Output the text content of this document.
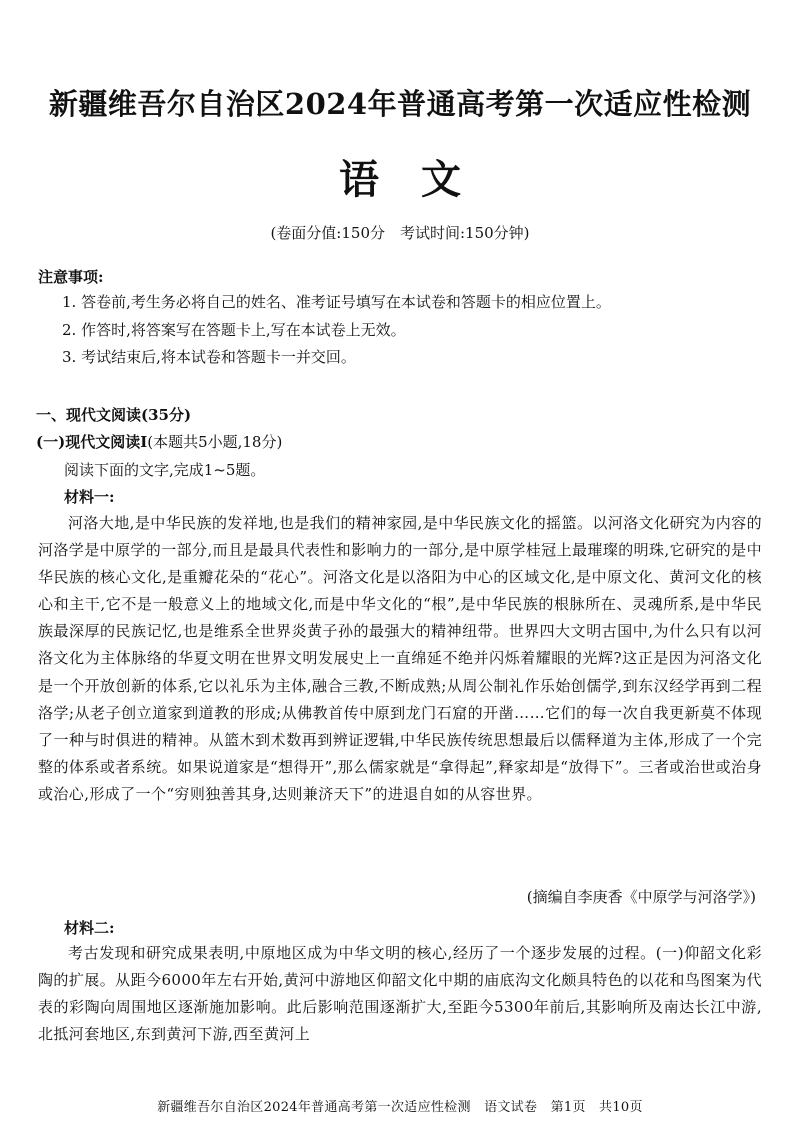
新疆维吾尔自治区2024年普通高考第一次适应性检测
语文
(卷面分值:150分　考试时间:150分钟)
注意事项:
1. 答卷前,考生务必将自己的姓名、准考证号填写在本试卷和答题卡的相应位置上。
2. 作答时,将答案写在答题卡上,写在本试卷上无效。
3. 考试结束后,将本试卷和答题卡一并交回。
一、现代文阅读(35分)
(一)现代文阅读Ⅰ(本题共5小题,18分)
阅读下面的文字,完成1~5题。
材料一:
河洛大地,是中华民族的发祥地,也是我们的精神家园,是中华民族文化的摇篮。以河洛文化研究为内容的河洛学是中原学的一部分,而且是最具代表性和影响力的一部分,是中原学桂冠上最璀璨的明珠,它研究的是中华民族的核心文化,是重瓣花朵的“花心”。河洛文化是以洛阳为中心的区域文化,是中原文化、黄河文化的核心和主干,它不是一般意义上的地域文化,而是中华文化的“根”,是中华民族的根脉所在、灵魂所系,是中华民族最深厚的民族记忆,也是维系全世界炎黄子孙的最强大的精神纽带。世界四大文明古国中,为什么只有以河洛文化为主体脉络的华夏文明在世界文明发展史上一直绵延不绝并闪烁着耀眼的光辉?这正是因为河洛文化是一个开放创新的体系,它以礼乐为主体,融合三教,不断成熟;从周公制礼作乐始创儒学,到东汉经学再到二程洛学;从老子创立道家到道教的形成;从佛教首传中原到龙门石窟的开凿……它们的每一次自我更新莫不体现了一种与时俱进的精神。从篮木到术数再到辨证逻辑,中华民族传统思想最后以儒释道为主体,形成了一个完整的体系或者系统。如果说道家是“想得开”,那么儒家就是“拿得起”,释家却是“放得下”。三者或治世或治身或治心,形成了一个“穷则独善其身,达则兼济天下”的进退自如的从容世界。
(摘编自李庚香《中原学与河洛学》)
材料二:
考古发现和研究成果表明,中原地区成为中华文明的核心,经历了一个逐步发展的过程。(一)仰韶文化彩陶的扩展。从距今6000年左右开始,黄河中游地区仰韶文化中期的庙底沟文化颇具特色的以花和鸟图案为代表的彩陶向周围地区逐渐施加影响。此后影响范围逐渐扩大,至距今5300年前后,其影响所及南达长江中游,北抵河套地区,东到黄河下游,西至黄河上
新疆维吾尔自治区2024年普通高考第一次适应性检测　语文试卷　第1页　共10页
